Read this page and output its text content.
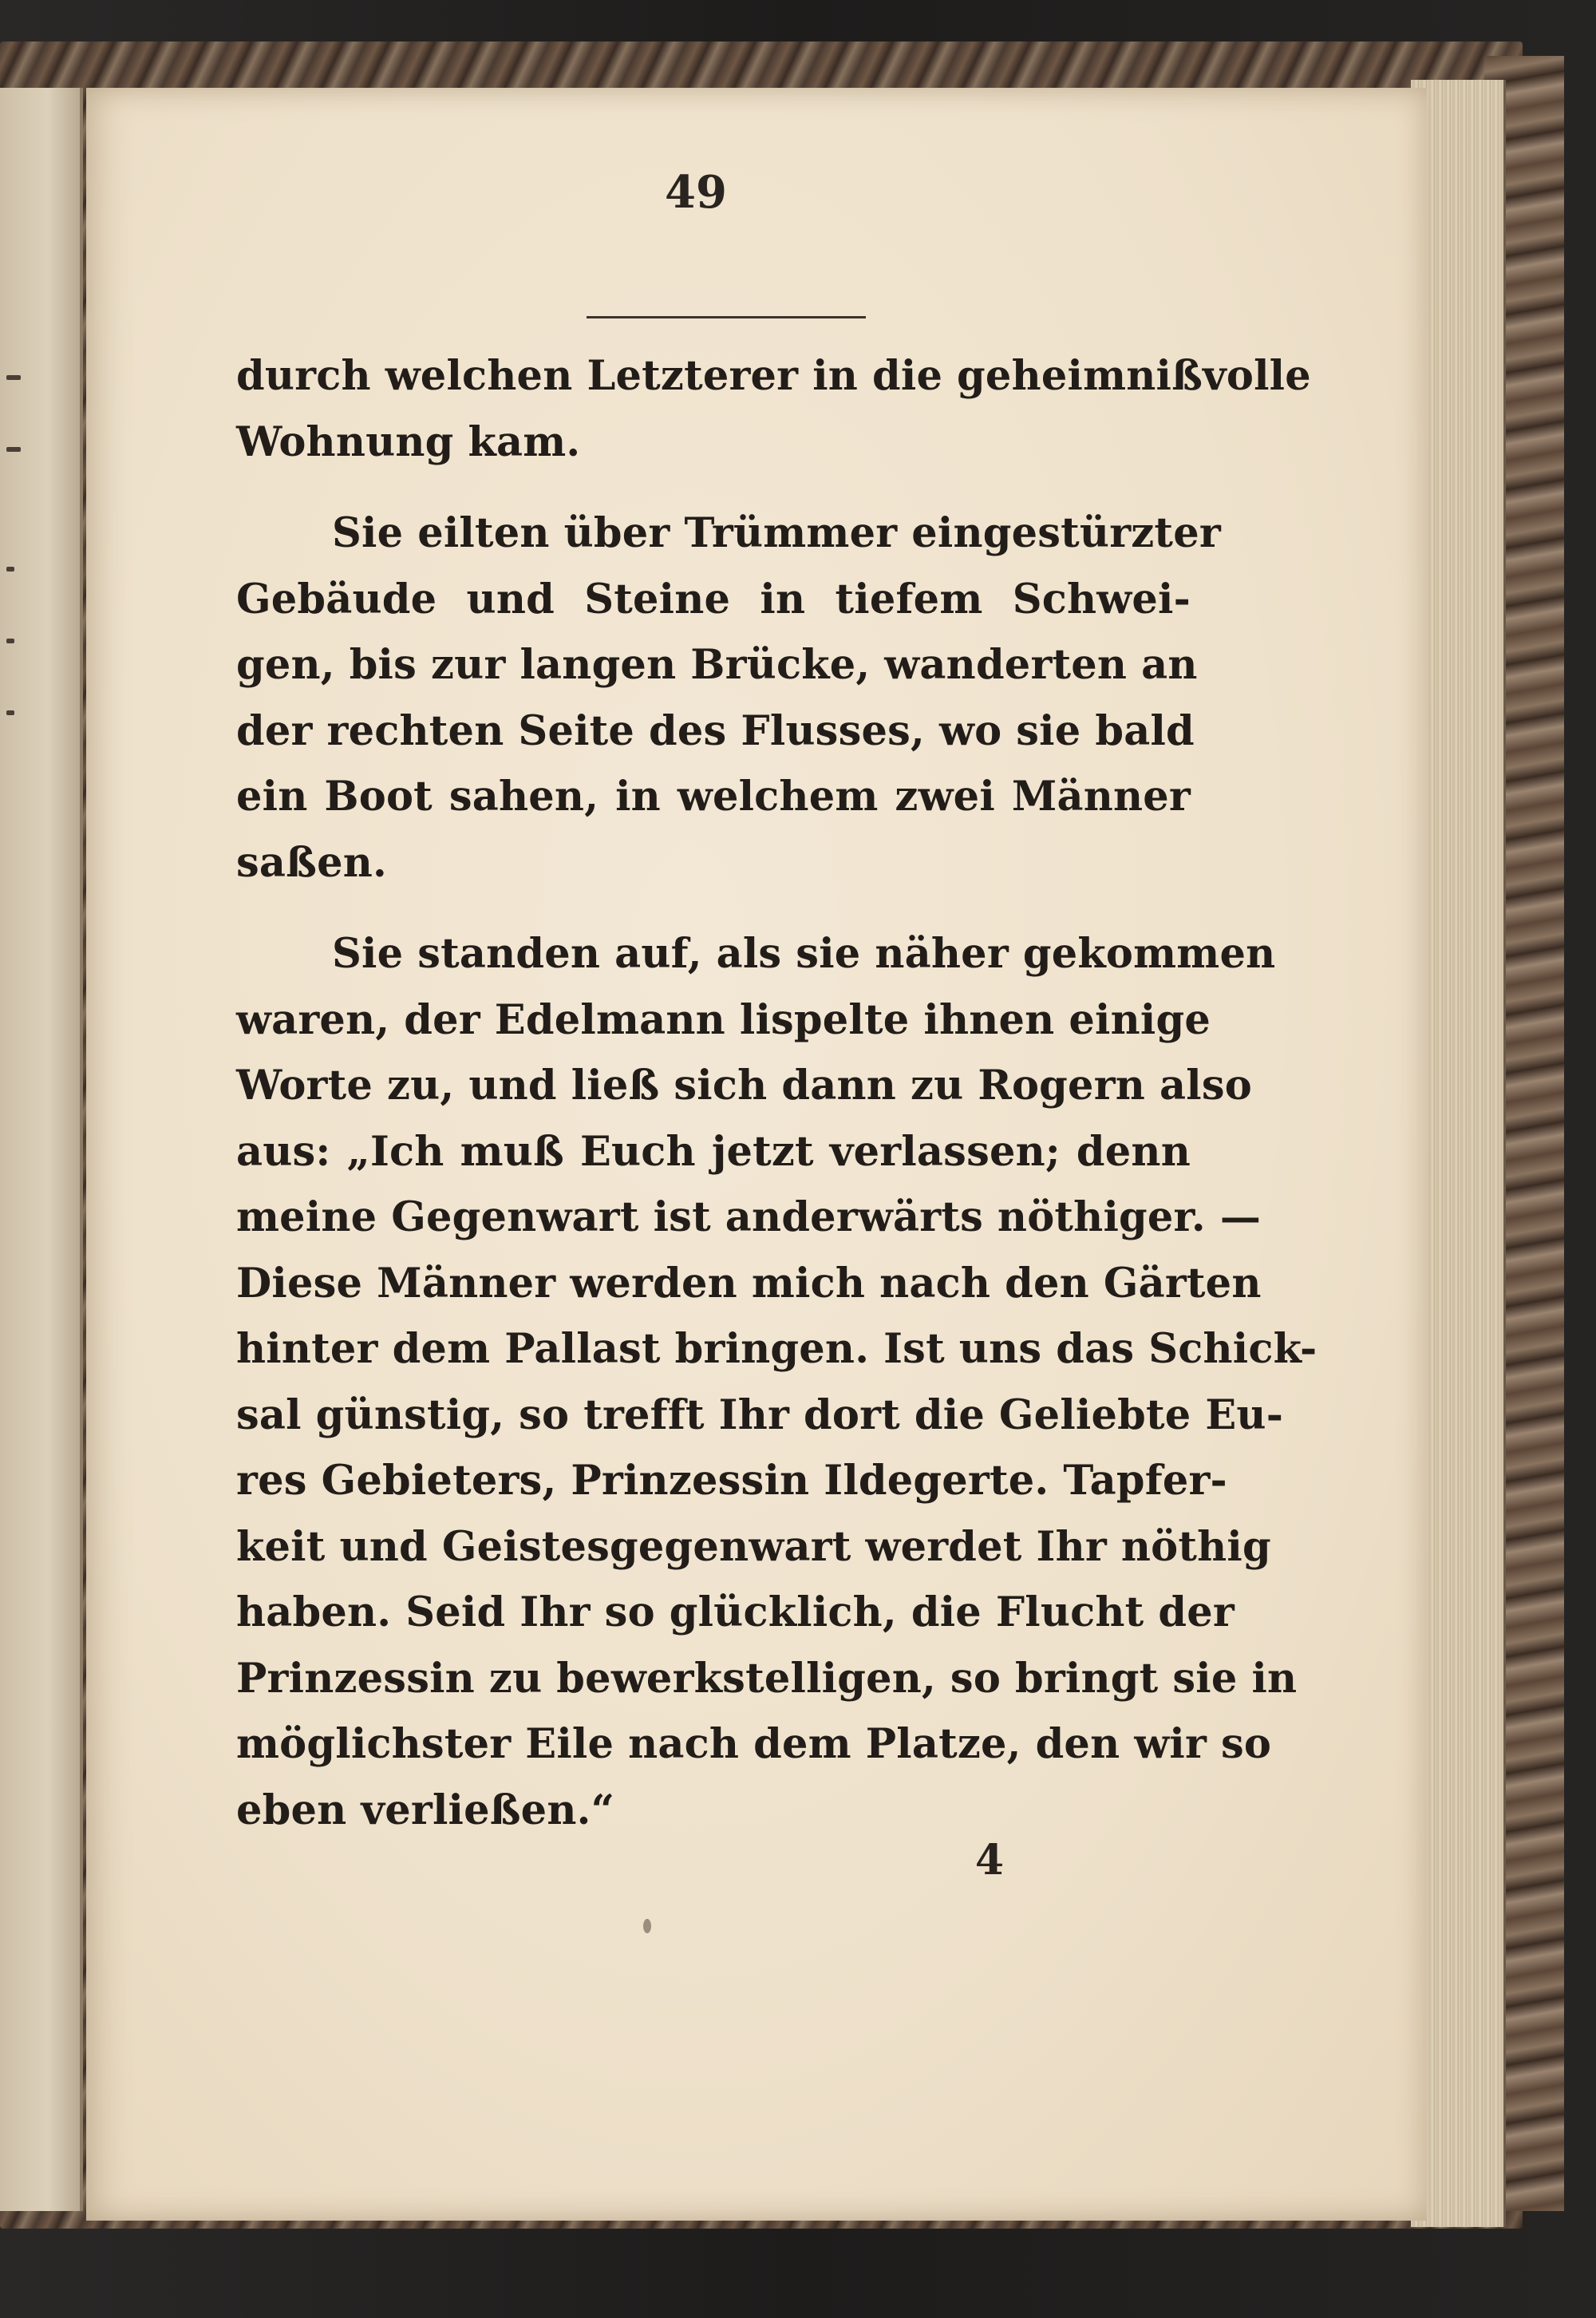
49
durch welchen Letzterer in die geheimnißvolle
Wohnung kam.
Sie eilten über Trümmer eingestürzter
Gebäude und Steine in tiefem Schwei-
gen, bis zur langen Brücke, wanderten an
der rechten Seite des Flusses, wo sie bald
ein Boot sahen, in welchem zwei Männer
saßen.
Sie standen auf, als sie näher gekommen
waren, der Edelmann lispelte ihnen einige
Worte zu, und ließ sich dann zu Rogern also
aus: „Ich muß Euch jetzt verlassen; denn
meine Gegenwart ist anderwärts nöthiger. —
Diese Männer werden mich nach den Gärten
hinter dem Pallast bringen. Ist uns das Schick-
sal günstig, so trefft Ihr dort die Geliebte Eu-
res Gebieters, Prinzessin Ildegerte. Tapfer-
keit und Geistesgegenwart werdet Ihr nöthig
haben. Seid Ihr so glücklich, die Flucht der
Prinzessin zu bewerkstelligen, so bringt sie in
möglichster Eile nach dem Platze, den wir so
eben verließen.“
4
